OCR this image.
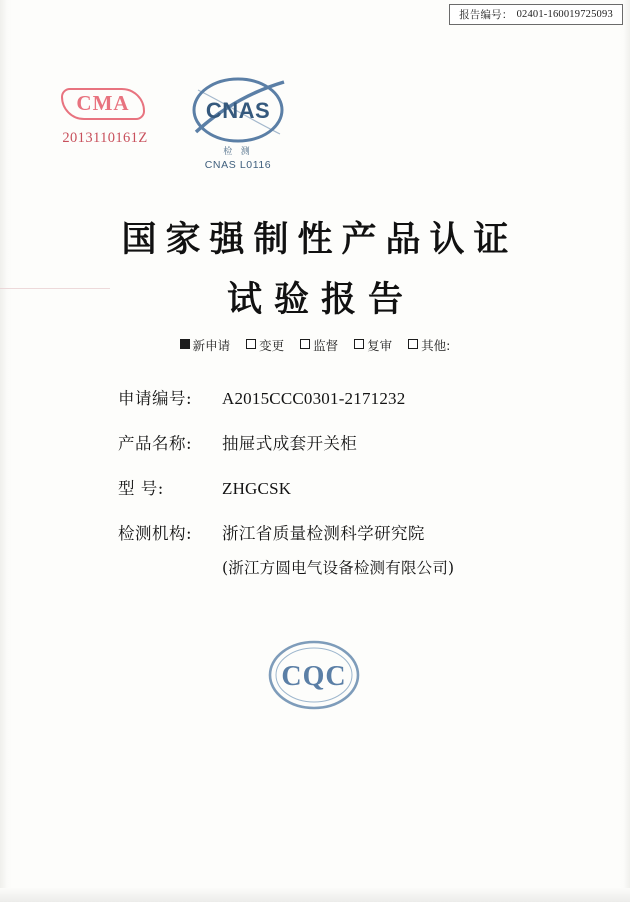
报告编号： 02401-160019725093
CMA
2013110161Z
CNAS
检 测
CNAS L0116
国家强制性产品认证
试验报告
新申请 变更 监督 复审 其他:
申请编号:	A2015CCC0301-2171232
产品名称:	抽屉式成套开关柜
型 号:	ZHGCSK
检测机构:	浙江省质量检测科学研究院
(浙江方圆电气设备检测有限公司)
CQC
